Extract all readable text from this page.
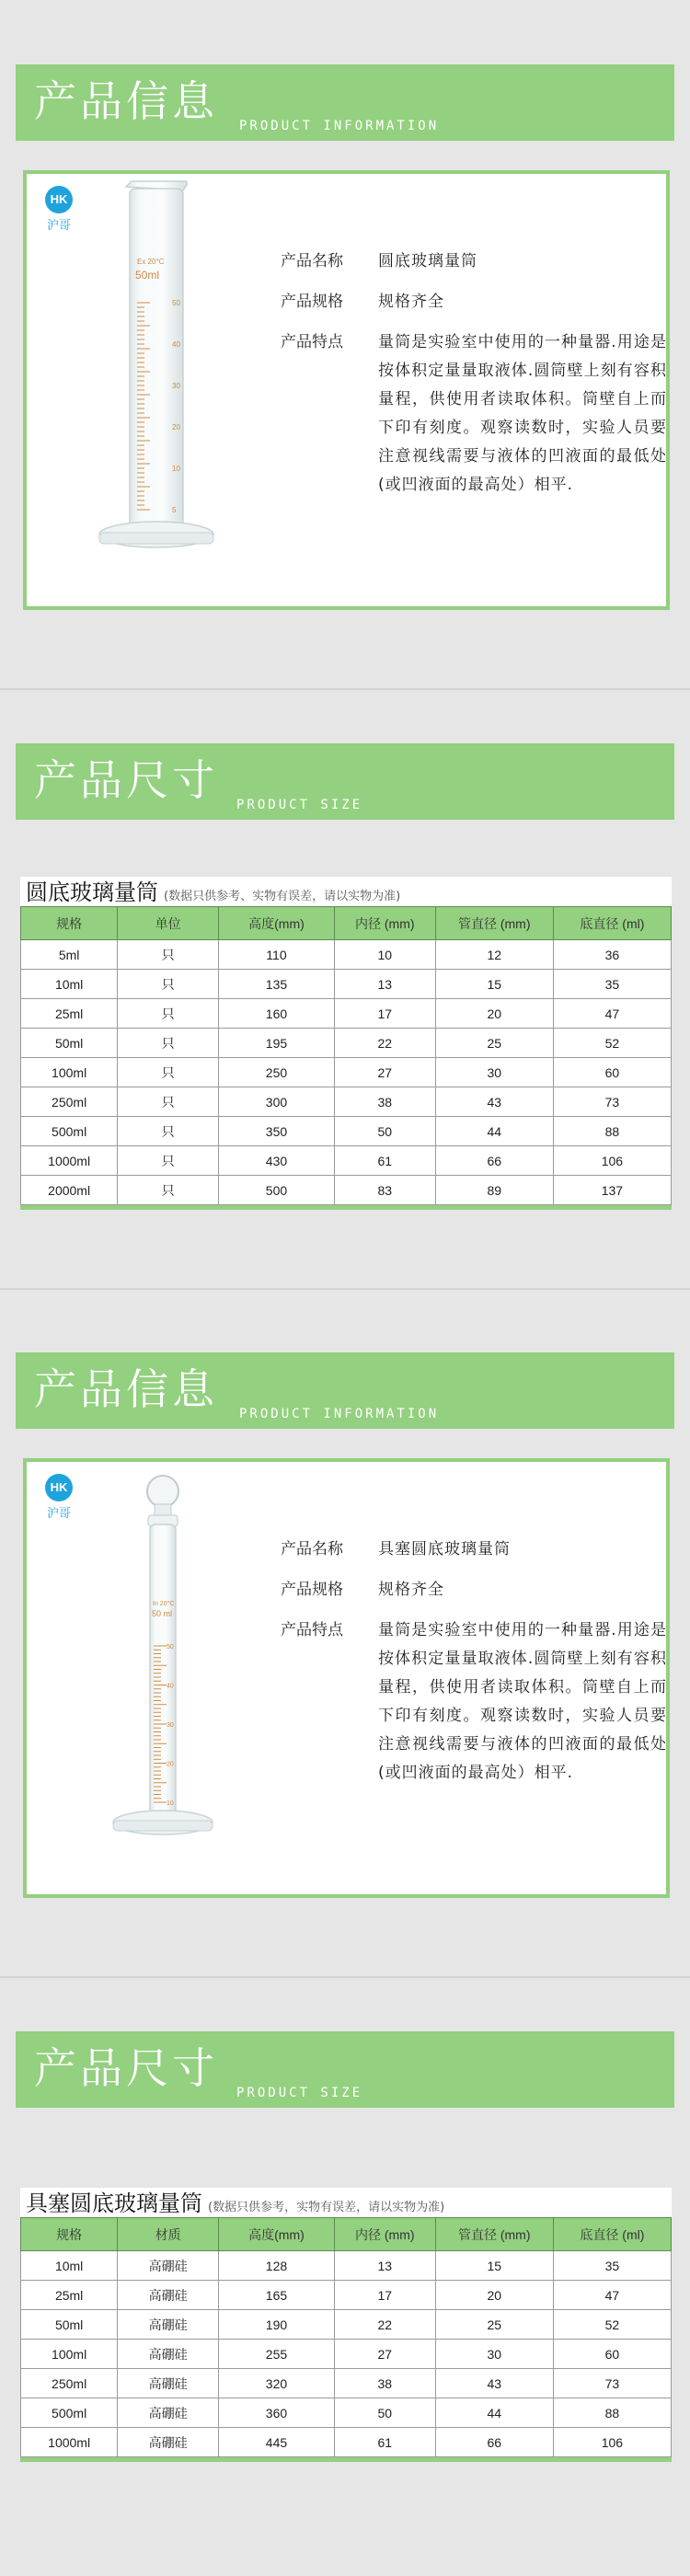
产品信息 PRODUCT INFORMATION
HK
沪哥
Ex 20°C
50ml
50
40
30
20
10
5
产品名称	圆底玻璃量筒
产品规格	规格齐全
产品特点	量筒是实验室中使用的一种量器.用途是按体积定量量取液体.圆筒壁上刻有容积量程，供使用者读取体积。筒壁自上而下印有刻度。观察读数时，实验人员要注意视线需要与液体的凹液面的最低处(或凹液面的最高处）相平.
产品尺寸 PRODUCT SIZE
圆底玻璃量筒 (数据只供参考、实物有误差，请以实物为准)
规格	单位	高度(mm)	内径 (mm)	管直径 (mm)	底直径 (ml)
5ml	只	110	10	12	36
10ml	只	135	13	15	35
25ml	只	160	17	20	47
50ml	只	195	22	25	52
100ml	只	250	27	30	60
250ml	只	300	38	43	73
500ml	只	350	50	44	88
1000ml	只	430	61	66	106
2000ml	只	500	83	89	137
产品信息 PRODUCT INFORMATION
HK
沪哥
In 20°C
50 ml
50
40
30
20
10
产品名称	具塞圆底玻璃量筒
产品规格	规格齐全
产品特点	量筒是实验室中使用的一种量器.用途是按体积定量量取液体.圆筒壁上刻有容积量程，供使用者读取体积。筒壁自上而下印有刻度。观察读数时，实验人员要注意视线需要与液体的凹液面的最低处(或凹液面的最高处）相平.
产品尺寸 PRODUCT SIZE
具塞圆底玻璃量筒 (数据只供参考，实物有误差，请以实物为准)
规格	材质	高度(mm)	内径 (mm)	管直径 (mm)	底直径 (ml)
10ml	高硼硅	128	13	15	35
25ml	高硼硅	165	17	20	47
50ml	高硼硅	190	22	25	52
100ml	高硼硅	255	27	30	60
250ml	高硼硅	320	38	43	73
500ml	高硼硅	360	50	44	88
1000ml	高硼硅	445	61	66	106
